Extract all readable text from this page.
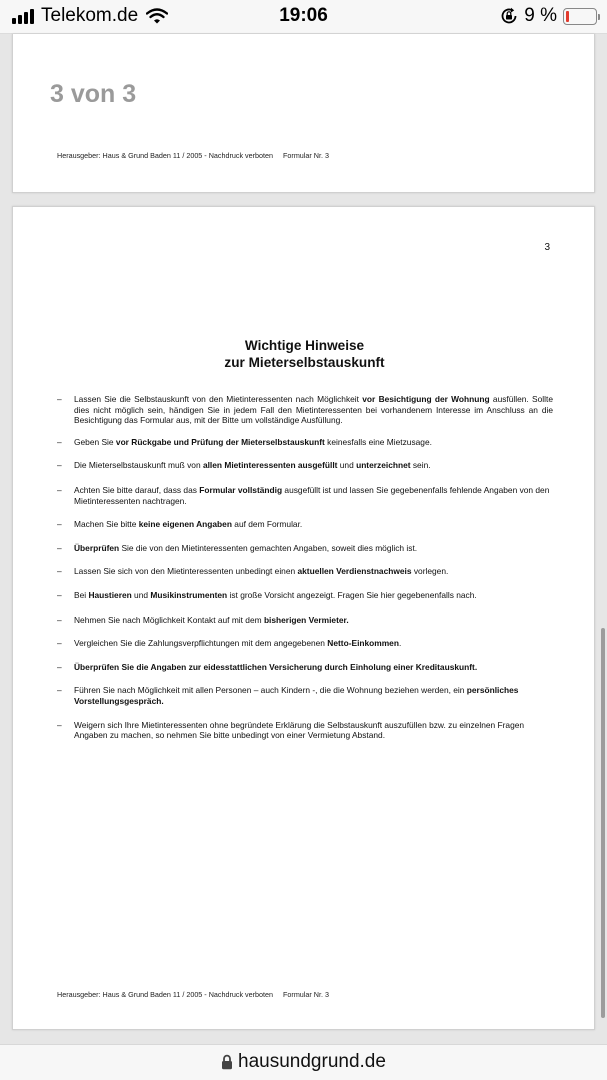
Telekom.de	19:06	9 %
3 von 3
Herausgeber: Haus & Grund Baden 11 / 2005 - Nachdruck verboten Formular Nr. 3
3
Wichtige Hinweise
zur Mieterselbstauskunft
– Lassen Sie die Selbstauskunft von den Mietinteressenten nach Möglichkeit vor Besichtigung der Wohnung ausfüllen. Sollte dies nicht möglich sein, händigen Sie in jedem Fall den Mietinteressenten bei vorhandenem Interesse im Anschluss an die Besichtigung das Formular aus, mit der Bitte um vollständige Ausfüllung.
– Geben Sie vor Rückgabe und Prüfung der Mieterselbstauskunft keinesfalls eine Mietzusage.
– Die Mieterselbstauskunft muß von allen Mietinteressenten ausgefüllt und unterzeichnet sein.
– Achten Sie bitte darauf, dass das Formular vollständig ausgefüllt ist und lassen Sie gegebenenfalls fehlende Angaben von den Mietinteressenten nachtragen.
– Machen Sie bitte keine eigenen Angaben auf dem Formular.
– Überprüfen Sie die von den Mietinteressenten gemachten Angaben, soweit dies möglich ist.
– Lassen Sie sich von den Mietinteressenten unbedingt einen aktuellen Verdienstnachweis vorlegen.
– Bei Haustieren und Musikinstrumenten ist große Vorsicht angezeigt. Fragen Sie hier gegebenenfalls nach.
– Nehmen Sie nach Möglichkeit Kontakt auf mit dem bisherigen Vermieter.
– Vergleichen Sie die Zahlungsverpflichtungen mit dem angegebenen Netto-Einkommen.
– Überprüfen Sie die Angaben zur eidesstattlichen Versicherung durch Einholung einer Kreditauskunft.
– Führen Sie nach Möglichkeit mit allen Personen – auch Kindern -, die die Wohnung beziehen werden, ein persönliches Vorstellungsgespräch.
– Weigern sich Ihre Mietinteressenten ohne begründete Erklärung die Selbstauskunft auszufüllen bzw. zu einzelnen Fragen Angaben zu machen, so nehmen Sie bitte unbedingt von einer Vermietung Abstand.
Herausgeber: Haus & Grund Baden 11 / 2005 - Nachdruck verboten Formular Nr. 3
hausundgrund.de
